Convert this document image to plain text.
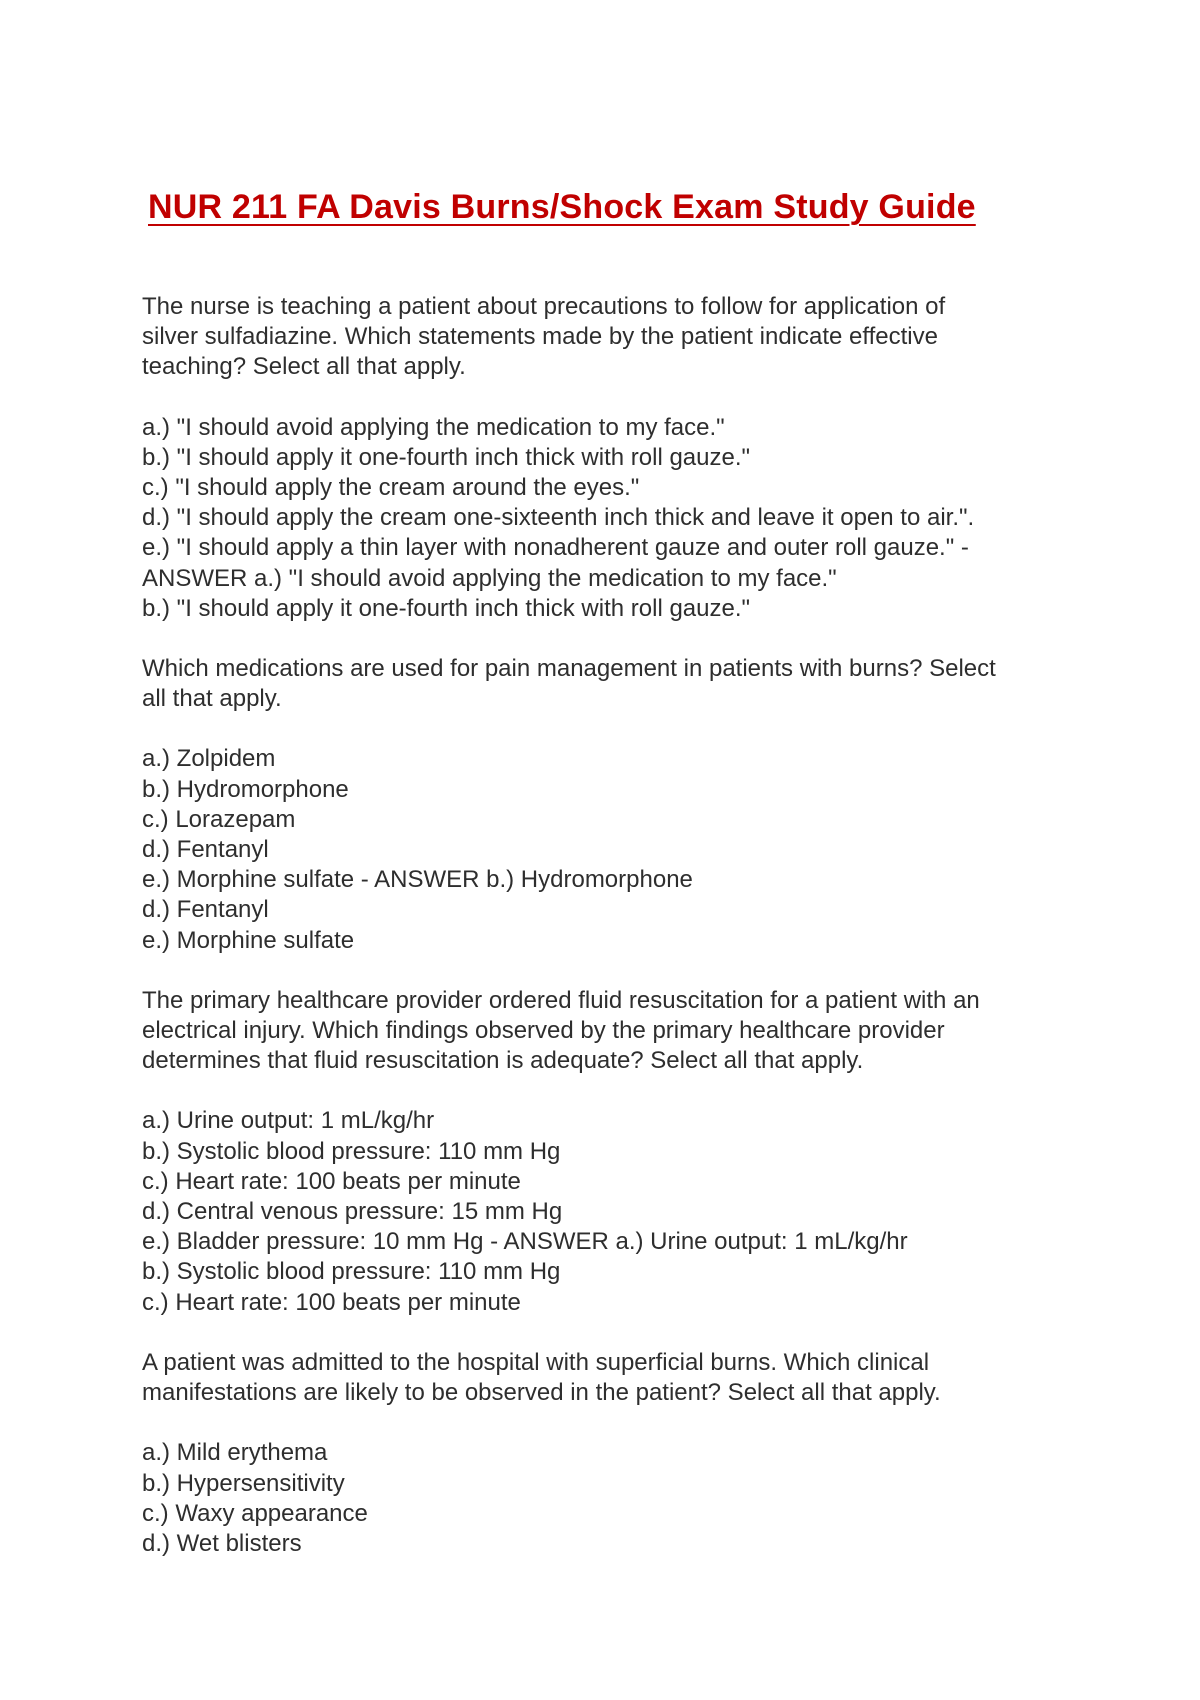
NUR 211 FA Davis Burns/Shock Exam Study Guide
The nurse is teaching a patient about precautions to follow for application of
silver sulfadiazine. Which statements made by the patient indicate effective
teaching? Select all that apply.
a.) "I should avoid applying the medication to my face."
b.) "I should apply it one-fourth inch thick with roll gauze."
c.) "I should apply the cream around the eyes."
d.) "I should apply the cream one-sixteenth inch thick and leave it open to air.".
e.) "I should apply a thin layer with nonadherent gauze and outer roll gauze." -
ANSWER a.) "I should avoid applying the medication to my face."
b.) "I should apply it one-fourth inch thick with roll gauze."
Which medications are used for pain management in patients with burns? Select
all that apply.
a.) Zolpidem
b.) Hydromorphone
c.) Lorazepam
d.) Fentanyl
e.) Morphine sulfate - ANSWER b.) Hydromorphone
d.) Fentanyl
e.) Morphine sulfate
The primary healthcare provider ordered fluid resuscitation for a patient with an
electrical injury. Which findings observed by the primary healthcare provider
determines that fluid resuscitation is adequate? Select all that apply.
a.) Urine output: 1 mL/kg/hr
b.) Systolic blood pressure: 110 mm Hg
c.) Heart rate: 100 beats per minute
d.) Central venous pressure: 15 mm Hg
e.) Bladder pressure: 10 mm Hg - ANSWER a.) Urine output: 1 mL/kg/hr
b.) Systolic blood pressure: 110 mm Hg
c.) Heart rate: 100 beats per minute
A patient was admitted to the hospital with superficial burns. Which clinical
manifestations are likely to be observed in the patient? Select all that apply.
a.) Mild erythema
b.) Hypersensitivity
c.) Waxy appearance
d.) Wet blisters
